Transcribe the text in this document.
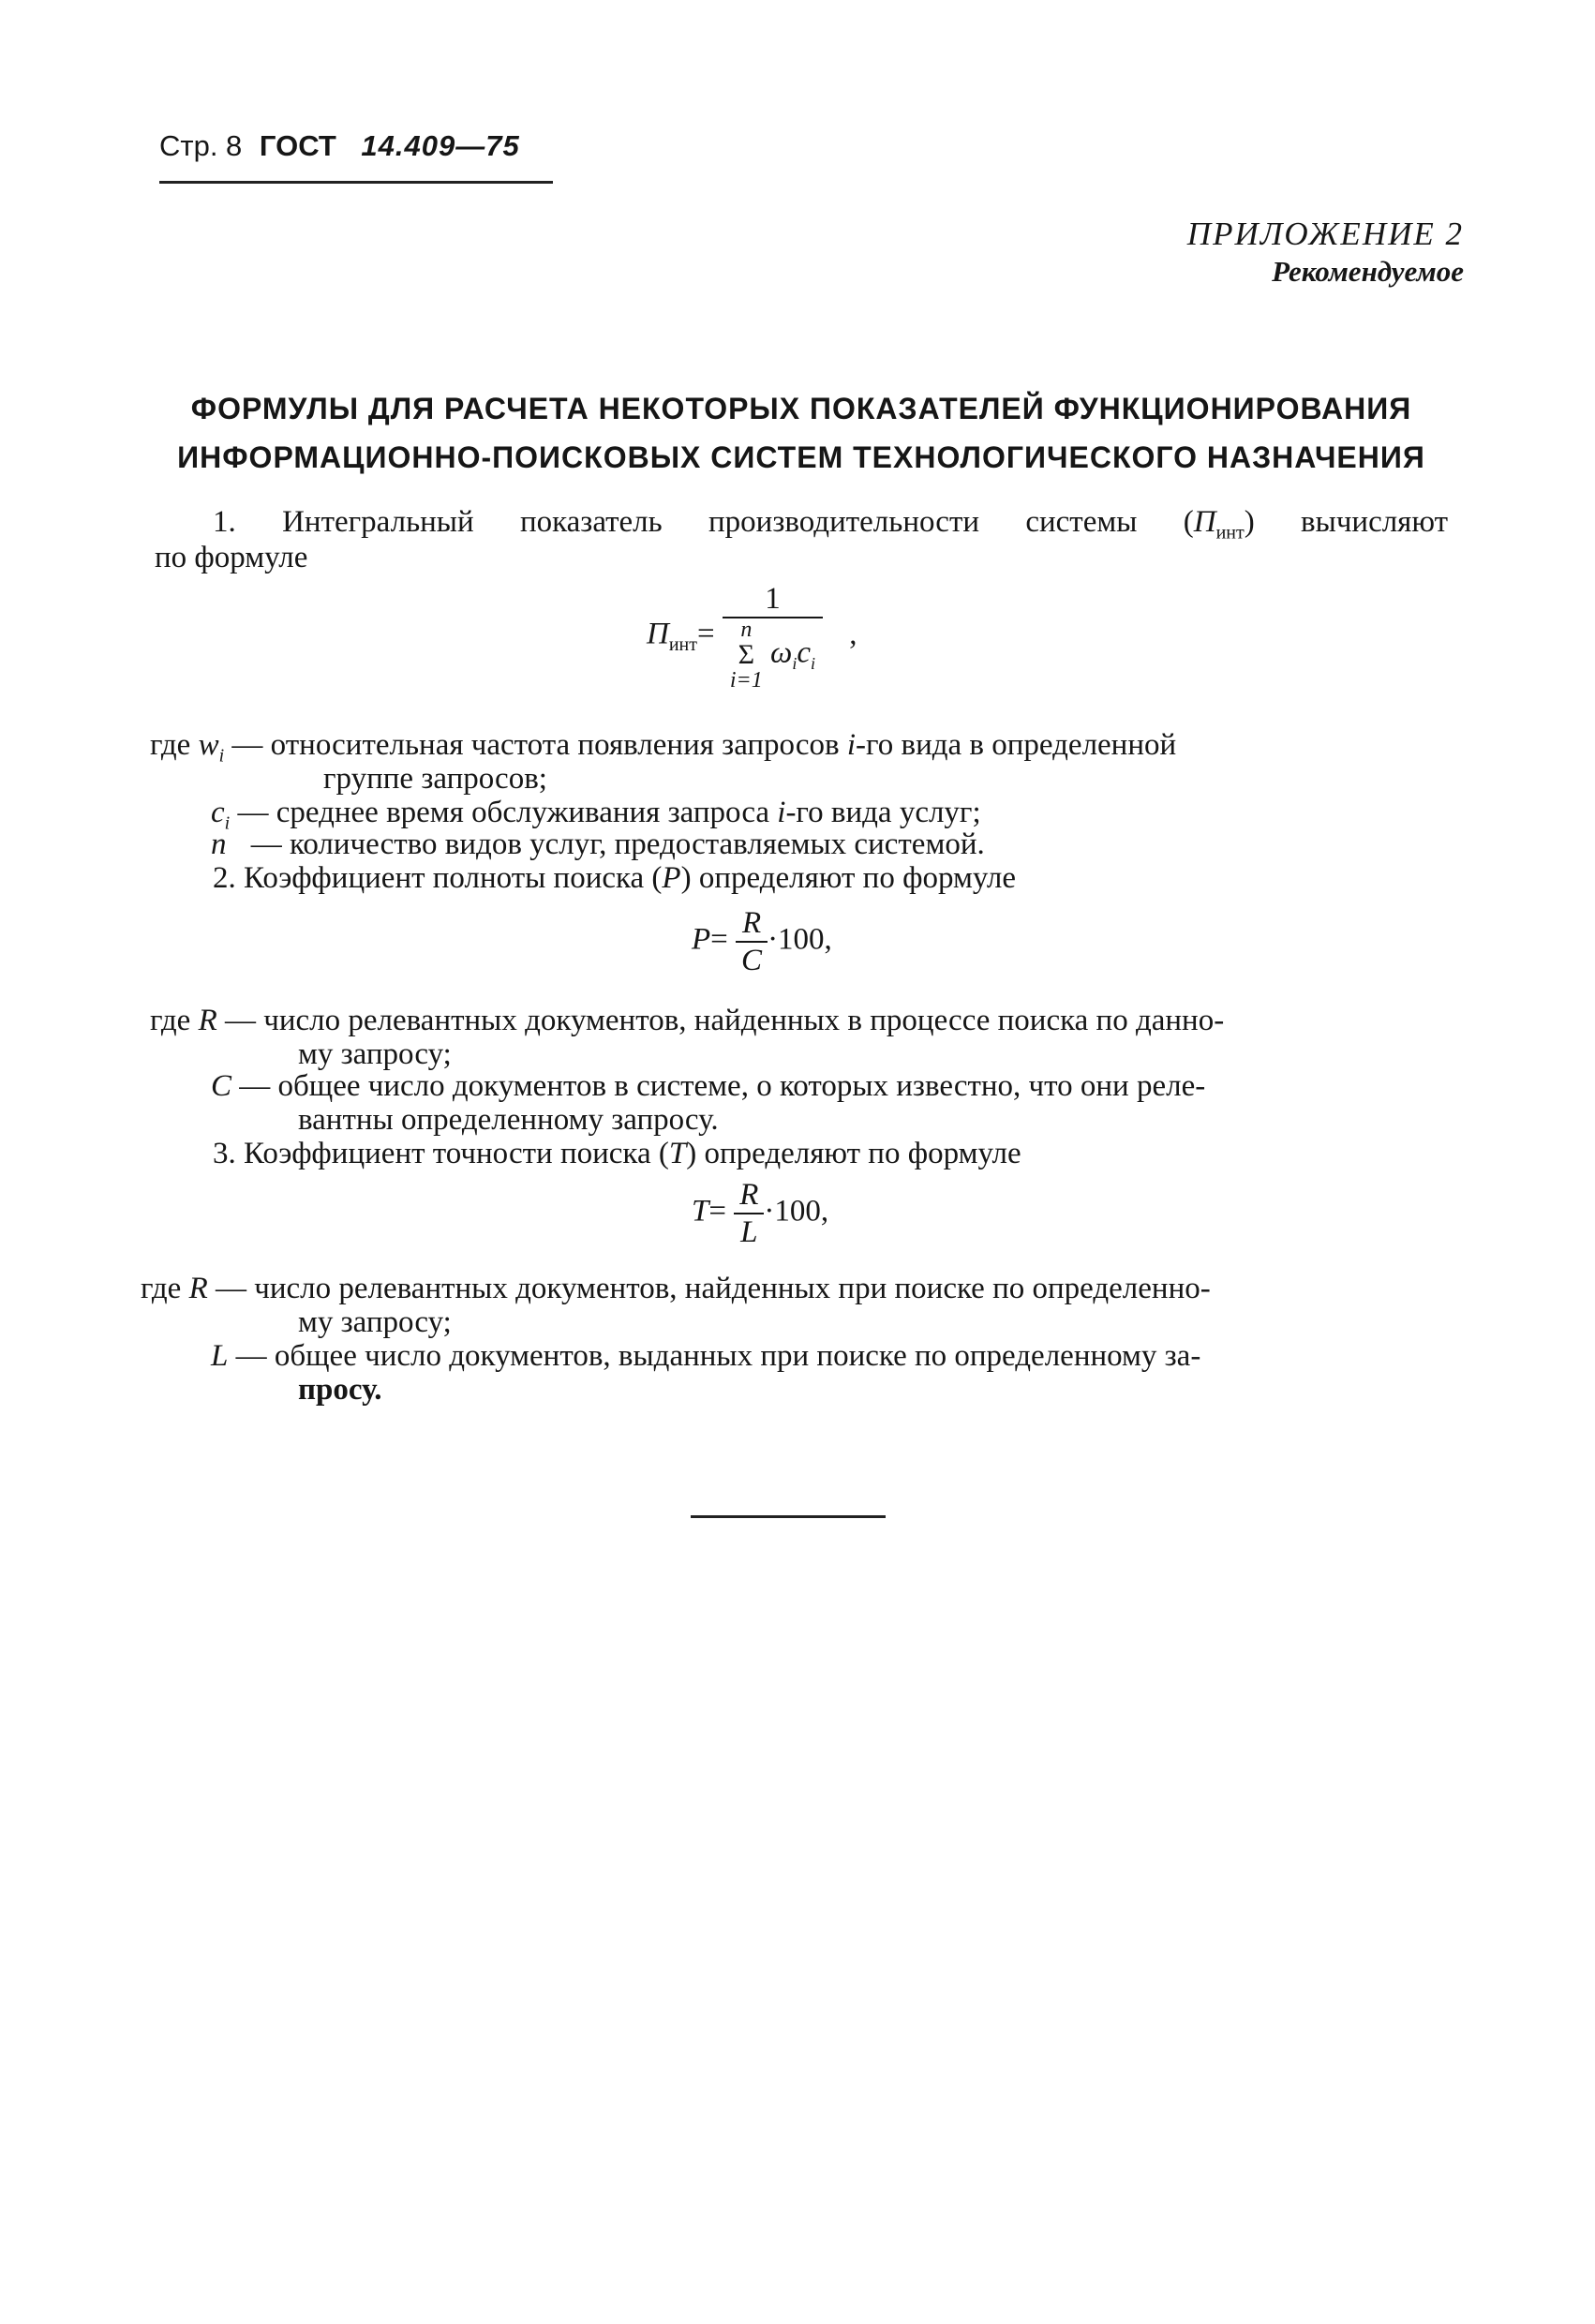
Стр. 8 ГОСТ 14.409—75
ПРИЛОЖЕНИЕ 2
Рекомендуемое
ФОРМУЛЫ ДЛЯ РАСЧЕТА НЕКОТОРЫХ ПОКАЗАТЕЛЕЙ ФУНКЦИОНИРОВАНИЯ
ИНФОРМАЦИОННО-ПОИСКОВЫХ СИСТЕМ ТЕХНОЛОГИЧЕСКОГО НАЗНАЧЕНИЯ
1. Интегральный показатель производительности системы $(П_{инт})$ вычисляют
по формуле
$П_{инт}= 1$
n
Σ
i=1
$\omega_ic_i$ ,
где $w_i$ — относительная частота появления запросов i-го вида в определенной
группе запросов;
$c_i$ — среднее время обслуживания запроса i-го вида услуг;
n — количество видов услуг, предоставляемых системой.
2. Коэффициент полноты поиска (P) определяют по формуле
$P= \frac{R}{C} \cdot 100$,
где R — число релевантных документов, найденных в процессе поиска по данно-
му запросу;
C — общее число документов в системе, о которых известно, что они реле-
вантны определенному запросу.
3. Коэффициент точности поиска (T) определяют по формуле
$T= \frac{R}{L} \cdot 100$,
где R — число релевантных документов, найденных при поиске по определенно-
му запросу;
L — общее число документов, выданных при поиске по определенному за-
просу.
